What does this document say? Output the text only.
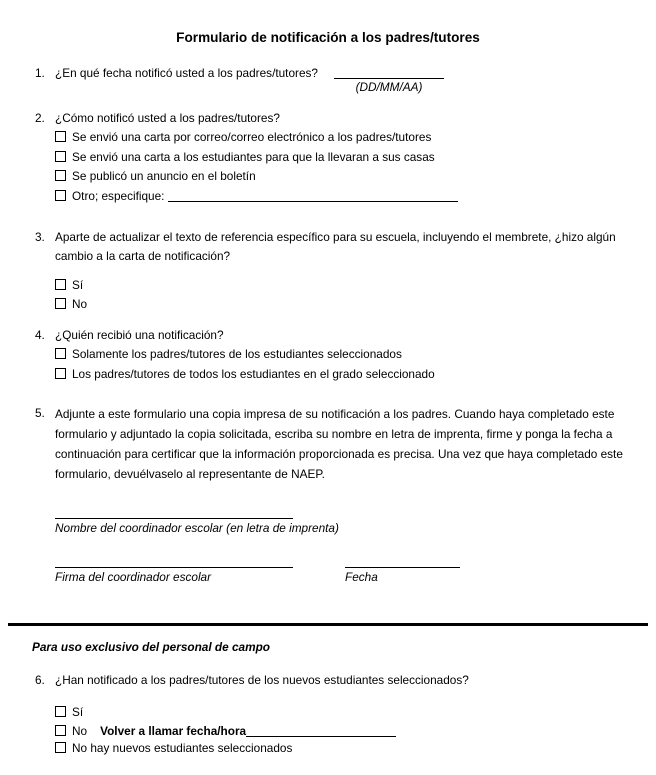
Formulario de notificación a los padres/tutores
1. ¿En qué fecha notificó usted a los padres/tutores?
(DD/MM/AA)
2. ¿Cómo notificó usted a los padres/tutores?
Se envió una carta por correo/correo electrónico a los padres/tutores
Se envió una carta a los estudiantes para que la llevaran a sus casas
Se publicó un anuncio en el boletín
Otro; especifique:
3. Aparte de actualizar el texto de referencia específico para su escuela, incluyendo el membrete, ¿hizo algún cambio a la carta de notificación?
Sí
No
4. ¿Quién recibió una notificación?
Solamente los padres/tutores de los estudiantes seleccionados
Los padres/tutores de todos los estudiantes en el grado seleccionado
5. Adjunte a este formulario una copia impresa de su notificación a los padres. Cuando haya completado este formulario y adjuntado la copia solicitada, escriba su nombre en letra de imprenta, firme y ponga la fecha a continuación para certificar que la información proporcionada es precisa. Una vez que haya completado este formulario, devuélvaselo al representante de NAEP.
Nombre del coordinador escolar (en letra de imprenta)
Firma del coordinador escolar	Fecha
Para uso exclusivo del personal de campo
6. ¿Han notificado a los padres/tutores de los nuevos estudiantes seleccionados?
Sí
No Volver a llamar fecha/hora
No hay nuevos estudiantes seleccionados
